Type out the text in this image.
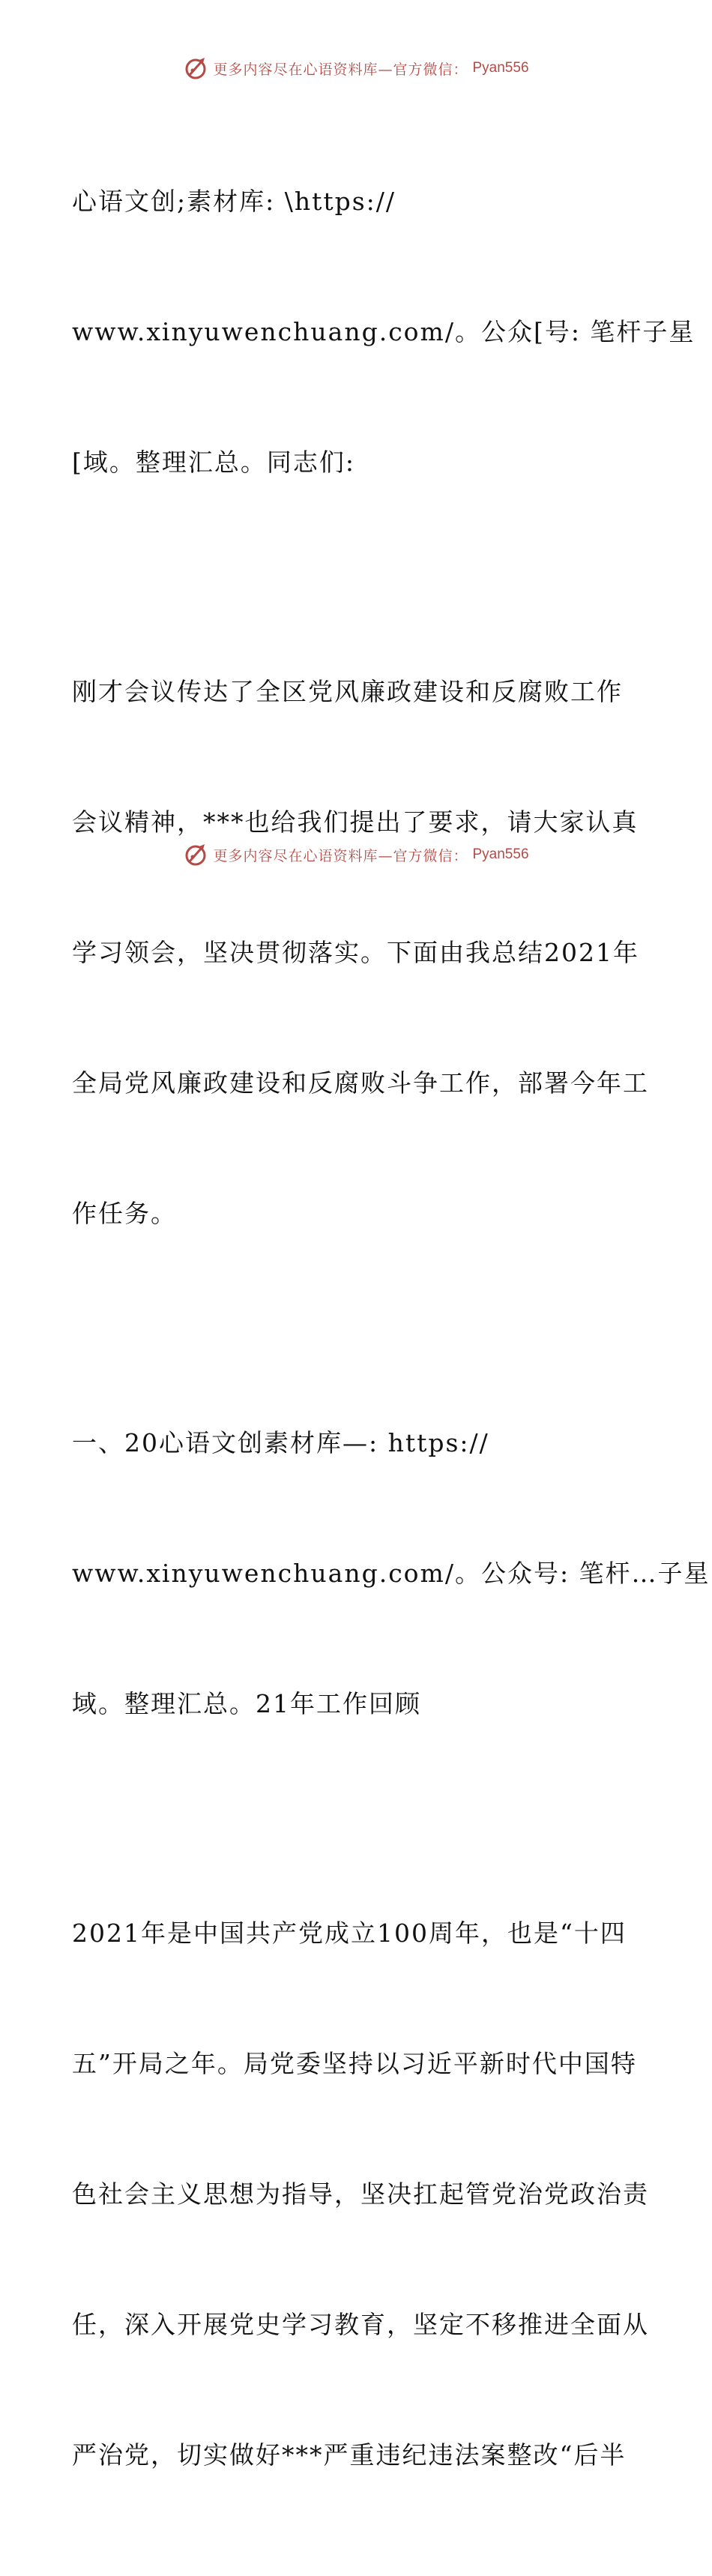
更多内容尽在心语资料库—官方微信： Pyan556

心语文创;素材库: \https://

www.xinyuwenchuang.com/。公众[号: 笔杆子星

[域。整理汇总。同志们:

刚才会议传达了全区党风廉政建设和反腐败工作

会议精神，***也给我们提出了要求，请大家认真

学习领会，坚决贯彻落实。下面由我总结2021年

全局党风廉政建设和反腐败斗争工作，部署今年工

作任务。

一、20心语文创素材库—: https://

www.xinyuwenchuang.com/。公众号: 笔杆…子星

域。整理汇总。21年工作回顾

2021年是中国共产党成立100周年，也是“十四

五”开局之年。局党委坚持以习近平新时代中国特

色社会主义思想为指导，坚决扛起管党治党政治责

任，深入开展党史学习教育，坚定不移推进全面从

严治党，切实做好***严重违纪违法案整改“后半

更多内容尽在心语资料库—官方微信： Pyan556
